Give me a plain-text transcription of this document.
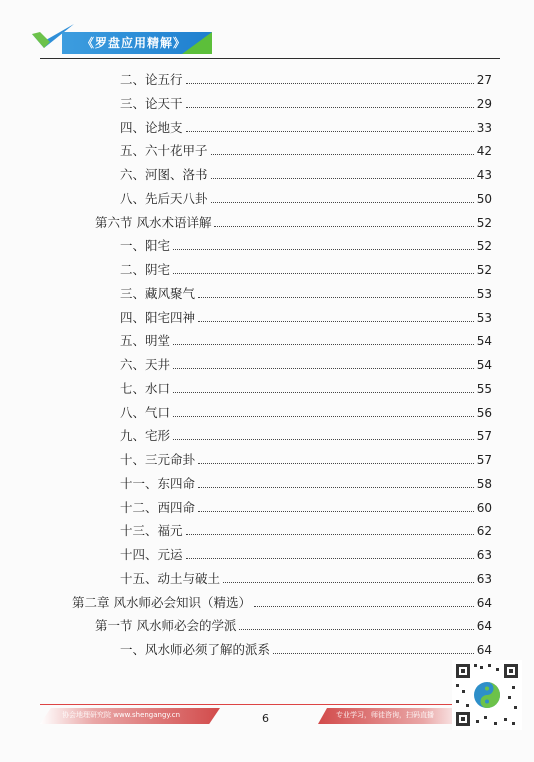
《罗盘应用精解》
二、论五行	27
三、论天干	29
四、论地支	33
五、六十花甲子	42
六、河图、洛书	43
八、先后天八卦	50
第六节 风水术语详解	52
一、阳宅	52
二、阴宅	52
三、藏风聚气	53
四、阳宅四神	53
五、明堂	54
六、天井	54
七、水口	55
八、气口	56
九、宅形	57
十、三元命卦	57
十一、东四命	58
十二、西四命	60
十三、福元	62
十四、元运	63
十五、动土与破土	63
第二章 风水师必会知识（精选）	64
第一节 风水师必会的学派	64
一、风水师必须了解的派系	64
协会地理研究院 www.shengangy.cn	6	专业学习，师徒咨询，扫码直播
